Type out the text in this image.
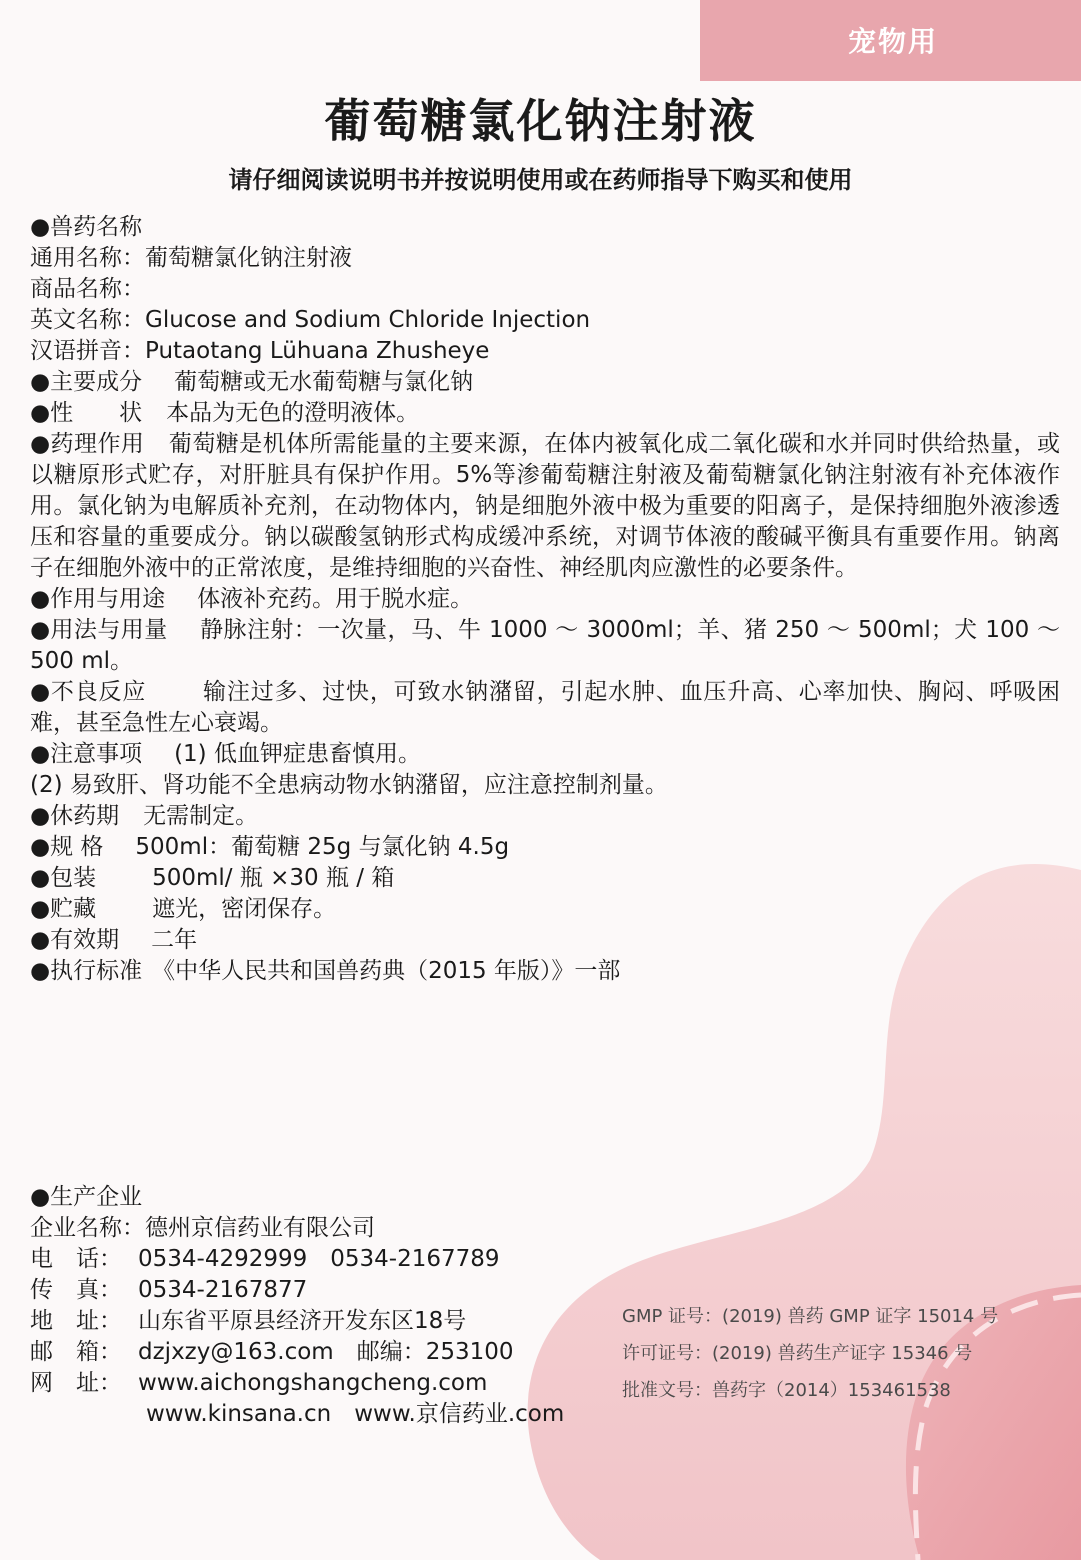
宠物用
葡萄糖氯化钠注射液
请仔细阅读说明书并按说明使用或在药师指导下购买和使用

●兽药名称

通用名称：葡萄糖氯化钠注射液

商品名称：

英文名称：Glucose and Sodium Chloride Injection

汉语拼音：Putaotang Lühuana Zhusheye

●主要成分 葡萄糖或无水葡萄糖与氯化钠

●性　　状 本品为无色的澄明液体。

●药理作用 葡萄糖是机体所需能量的主要来源，在体内被氧化成二氧化碳和水并同时供给热量，或以糖原形式贮存，对肝脏具有保护作用。5%等渗葡萄糖注射液及葡萄糖氯化钠注射液有补充体液作用。氯化钠为电解质补充剂，在动物体内，钠是细胞外液中极为重要的阳离子，是保持细胞外液渗透压和容量的重要成分。钠以碳酸氢钠形式构成缓冲系统，对调节体液的酸碱平衡具有重要作用。钠离子在细胞外液中的正常浓度，是维持细胞的兴奋性、神经肌肉应激性的必要条件。

●作用与用途 体液补充药。用于脱水症。

●用法与用量 静脉注射：一次量，马、牛 1000 ～ 3000ml；羊、猪 250 ～ 500ml；犬 100 ～ 500 ml。

●不良反应 输注过多、过快，可致水钠潴留，引起水肿、血压升高、心率加快、胸闷、呼吸困难，甚至急性左心衰竭。

●注意事项 (1) 低血钾症患畜慎用。

(2) 易致肝、肾功能不全患病动物水钠潴留，应注意控制剂量。

●休药期 无需制定。

●规 格 500ml：葡萄糖 25g 与氯化钠 4.5g

●包装 500ml/ 瓶 ×30 瓶 / 箱

●贮藏 遮光，密闭保存。

●有效期 二年

●执行标准 《中华人民共和国兽药典（2015 年版）》一部

●生产企业

企业名称：德州京信药业有限公司

电　话： 0534-4292999　0534-2167789

传　真： 0534-2167877

地　址： 山东省平原县经济开发东区18号

邮　箱： dzjxzy@163.com　邮编：253100

网　址： www.aichongshangcheng.com

www.kinsana.cn　www.京信药业.com

GMP 证号：(2019) 兽药 GMP 证字 15014 号

许可证号：(2019) 兽药生产证字 15346 号

批准文号：兽药字（2014）153461538
